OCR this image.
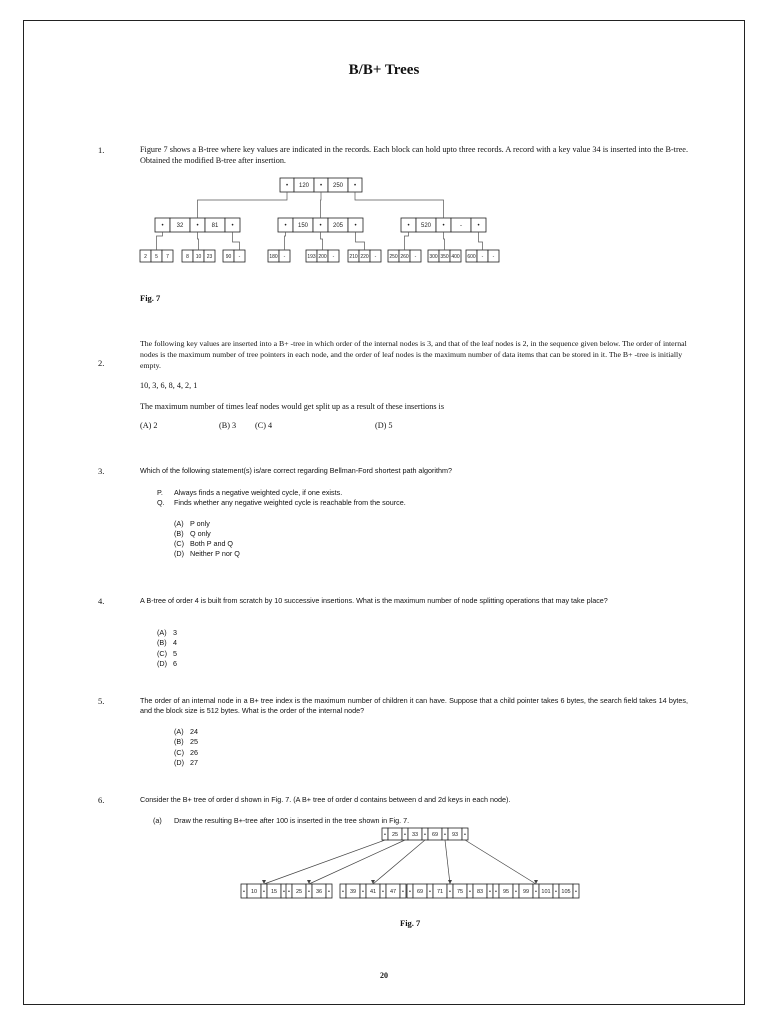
B/B+ Trees
1.	Figure 7 shows a B-tree where key values are indicated in the records. Each block can hold upto three records. A record with a key value 34 is inserted into the B-tree. Obtained the modified B-tree after insertion.
• 120 • 250 •
• 32 • 81 •	• 150 • 205 •	• 520 •	-	•
2 5 7	8 10 23	90 -	180 -	193 200 -	210 220 -	250 260 -	300 350 400 600 - -
Fig. 7
The following key values are inserted into a B+ -tree in which order of the internal nodes is 3, and that of the leaf nodes is 2, in the sequence given below. The order of internal nodes is the maximum number of tree pointers in each node, and the order of leaf nodes is the maximum number of data items that can be stored in it. The B+ -tree is initially empty.
2.
10, 3, 6, 8, 4, 2, 1
The maximum number of times leaf nodes would get split up as a result of these insertions is
(A) 2	(B) 3 (C) 4	(D) 5
3.	Which of the following statement(s) is/are correct regarding Bellman-Ford shortest path algorithm?
P. Always finds a negative weighted cycle, if one exists.
Q. Finds whether any negative weighted cycle is reachable from the source.
(A) P only
(B) Q only
(C) Both P and Q
(D) Neither P nor Q
4.	A B-tree of order 4 is built from scratch by 10 successive insertions. What is the maximum number of node splitting operations that may take place?
(A) 3
(B) 4
(C) 5
(D) 6
5.	The order of an internal node in a B+ tree index is the maximum number of children it can have. Suppose that a child pointer takes 6 bytes, the search field takes 14 bytes, and the block size is 512 bytes. What is the order of the internal node?
(A) 24
(B) 25
(C) 26
(D) 27
6.	Consider the B+ tree of order d shown in Fig. 7. (A B+ tree of order d contains between d and 2d keys in each node).
(a) Draw the resulting B+-tree after 100 is inserted in the tree shown in Fig. 7.
• 25 • 33 • 69 • 93 •
• 10 • 15 • • 25 • 36 • • 39 • 41 • 47 • • 69 • 71 • 75 • 83 • • 95 • 99 • 101 • 105 •
Fig. 7
20
